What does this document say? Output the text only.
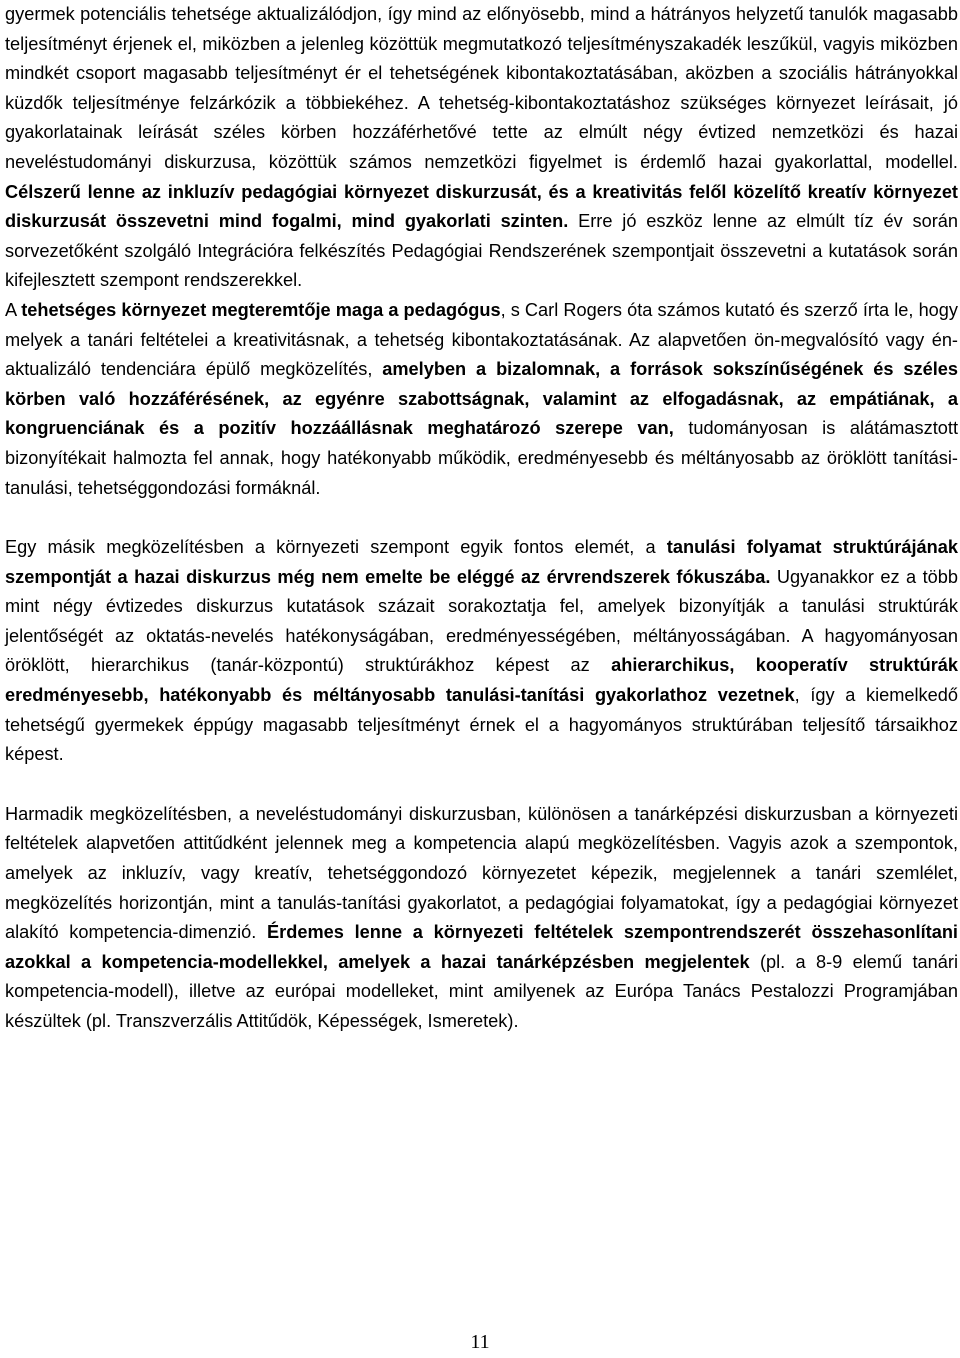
gyermek potenciális tehetsége aktualizálódjon, így mind az előnyösebb, mind a hátrányos helyzetű tanulók magasabb teljesítményt érjenek el, miközben a jelenleg közöttük megmutatkozó teljesítményszakadék leszűkül, vagyis miközben mindkét csoport magasabb teljesítményt ér el tehetségének kibontakoztatásában, aközben a szociális hátrányokkal küzdők teljesítménye felzárkózik a többiekéhez. A tehetség-kibontakoztatáshoz szükséges környezet leírásait, jó gyakorlatainak leírását széles körben hozzáférhetővé tette az elmúlt négy évtized nemzetközi és hazai neveléstudományi diskurzusa, közöttük számos nemzetközi figyelmet is érdemlő hazai gyakorlattal, modellel. Célszerű lenne az inkluzív pedagógiai környezet diskurzusát, és a kreativitás felől közelítő kreatív környezet diskurzusát összevetni mind fogalmi, mind gyakorlati szinten. Erre jó eszköz lenne az elmúlt tíz év során sorvezetőként szolgáló Integrációra felkészítés Pedagógiai Rendszerének szempontjait összevetni a kutatások során kifejlesztett szempont rendszerekkel.

A tehetséges környezet megteremtője maga a pedagógus, s Carl Rogers óta számos kutató és szerző írta le, hogy melyek a tanári feltételei a kreativitásnak, a tehetség kibontakoztatásának. Az alapvetően ön-megvalósító vagy én-aktualizáló tendenciára épülő megközelítés, amelyben a bizalomnak, a források sokszínűségének és széles körben való hozzáférésének, az egyénre szabottságnak, valamint az elfogadásnak, az empátiának, a kongruenciának és a pozitív hozzáállásnak meghatározó szerepe van, tudományosan is alátámasztott bizonyítékait halmozta fel annak, hogy hatékonyabb működik, eredményesebb és méltányosabb az öröklött tanítási-tanulási, tehetséggondozási formáknál.

Egy másik megközelítésben a környezeti szempont egyik fontos elemét, a tanulási folyamat struktúrájának szempontját a hazai diskurzus még nem emelte be eléggé az érvrendszerek fókuszába. Ugyanakkor ez a több mint négy évtizedes diskurzus kutatások százait sorakoztatja fel, amelyek bizonyítják a tanulási struktúrák jelentőségét az oktatás-nevelés hatékonyságában, eredményességében, méltányosságában. A hagyományosan öröklött, hierarchikus (tanár-központú) struktúrákhoz képest az ahierarchikus, kooperatív struktúrák eredményesebb, hatékonyabb és méltányosabb tanulási-tanítási gyakorlathoz vezetnek, így a kiemelkedő tehetségű gyermekek éppúgy magasabb teljesítményt érnek el a hagyományos struktúrában teljesítő társaikhoz képest.

Harmadik megközelítésben, a neveléstudományi diskurzusban, különösen a tanárképzési diskurzusban a környezeti feltételek alapvetően attitűdként jelennek meg a kompetencia alapú megközelítésben. Vagyis azok a szempontok, amelyek az inkluzív, vagy kreatív, tehetséggondozó környezetet képezik, megjelennek a tanári szemlélet, megközelítés horizontján, mint a tanulás-tanítási gyakorlatot, a pedagógiai folyamatokat, így a pedagógiai környezet alakító kompetencia-dimenzió. Érdemes lenne a környezeti feltételek szempontrendszerét összehasonlítani azokkal a kompetencia-modellekkel, amelyek a hazai tanárképzésben megjelentek (pl. a 8-9 elemű tanári kompetencia-modell), illetve az európai modelleket, mint amilyenek az Európa Tanács Pestalozzi Programjában készültek (pl. Transzverzális Attitűdök, Képességek, Ismeretek).

11
